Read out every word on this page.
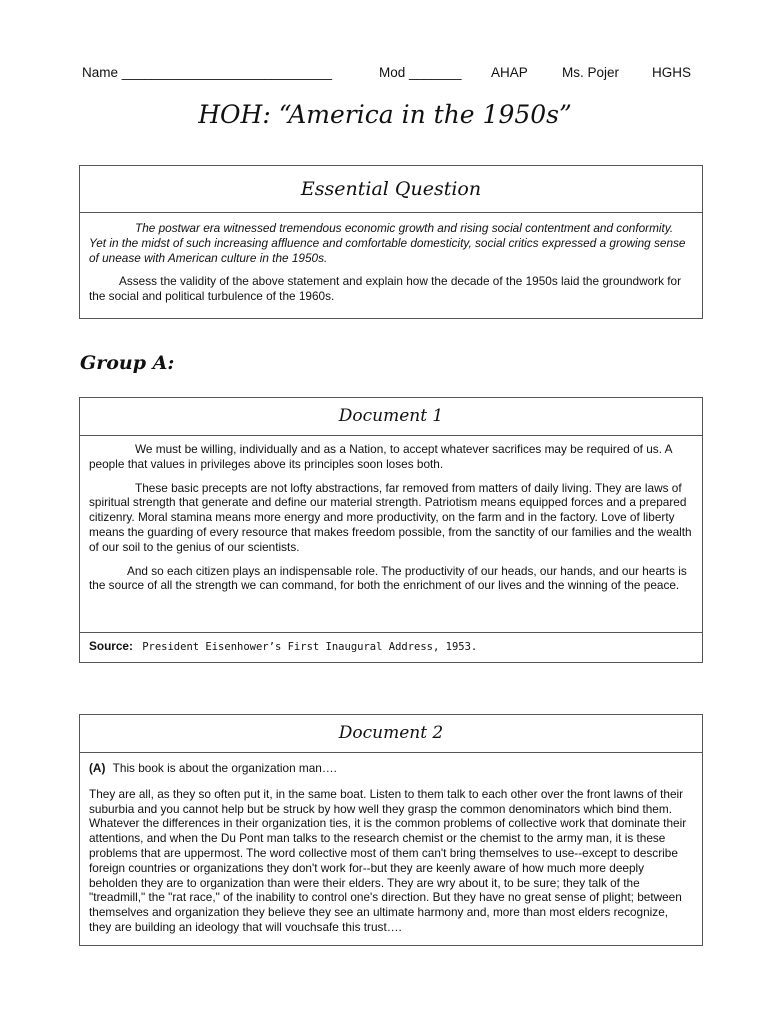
Name ____________________________	Mod _______ AHAP	Ms. Pojer HGHS
HOH: “America in the 1950s”
Essential Question

The postwar era witnessed tremendous economic growth and rising social contentment and conformity. Yet in the midst of such increasing affluence and comfortable domesticity, social critics expressed a growing sense of unease with American culture in the 1950s.

Assess the validity of the above statement and explain how the decade of the 1950s laid the groundwork for the social and political turbulence of the 1960s.

Group A:
Document 1

We must be willing, individually and as a Nation, to accept whatever sacrifices may be required of us. A people that values in privileges above its principles soon loses both.

These basic precepts are not lofty abstractions, far removed from matters of daily living. They are laws of spiritual strength that generate and define our material strength. Patriotism means equipped forces and a prepared citizenry. Moral stamina means more energy and more productivity, on the farm and in the factory. Love of liberty means the guarding of every resource that makes freedom possible, from the sanctity of our families and the wealth of our soil to the genius of our scientists.

And so each citizen plays an indispensable role. The productivity of our heads, our hands, and our hearts is the source of all the strength we can command, for both the enrichment of our lives and the winning of the peace.

Source: President Eisenhower’s First Inaugural Address, 1953.
Document 2

(A) This book is about the organization man….

They are all, as they so often put it, in the same boat. Listen to them talk to each other over the front lawns of their suburbia and you cannot help but be struck by how well they grasp the common denominators which bind them. Whatever the differences in their organization ties, it is the common problems of collective work that dominate their attentions, and when the Du Pont man talks to the research chemist or the chemist to the army man, it is these problems that are uppermost. The word collective most of them can't bring themselves to use--except to describe foreign countries or organizations they don't work for--but they are keenly aware of how much more deeply beholden they are to organization than were their elders. They are wry about it, to be sure; they talk of the "treadmill," the "rat race," of the inability to control one's direction. But they have no great sense of plight; between themselves and organization they believe they see an ultimate harmony and, more than most elders recognize, they are building an ideology that will vouchsafe this trust….
